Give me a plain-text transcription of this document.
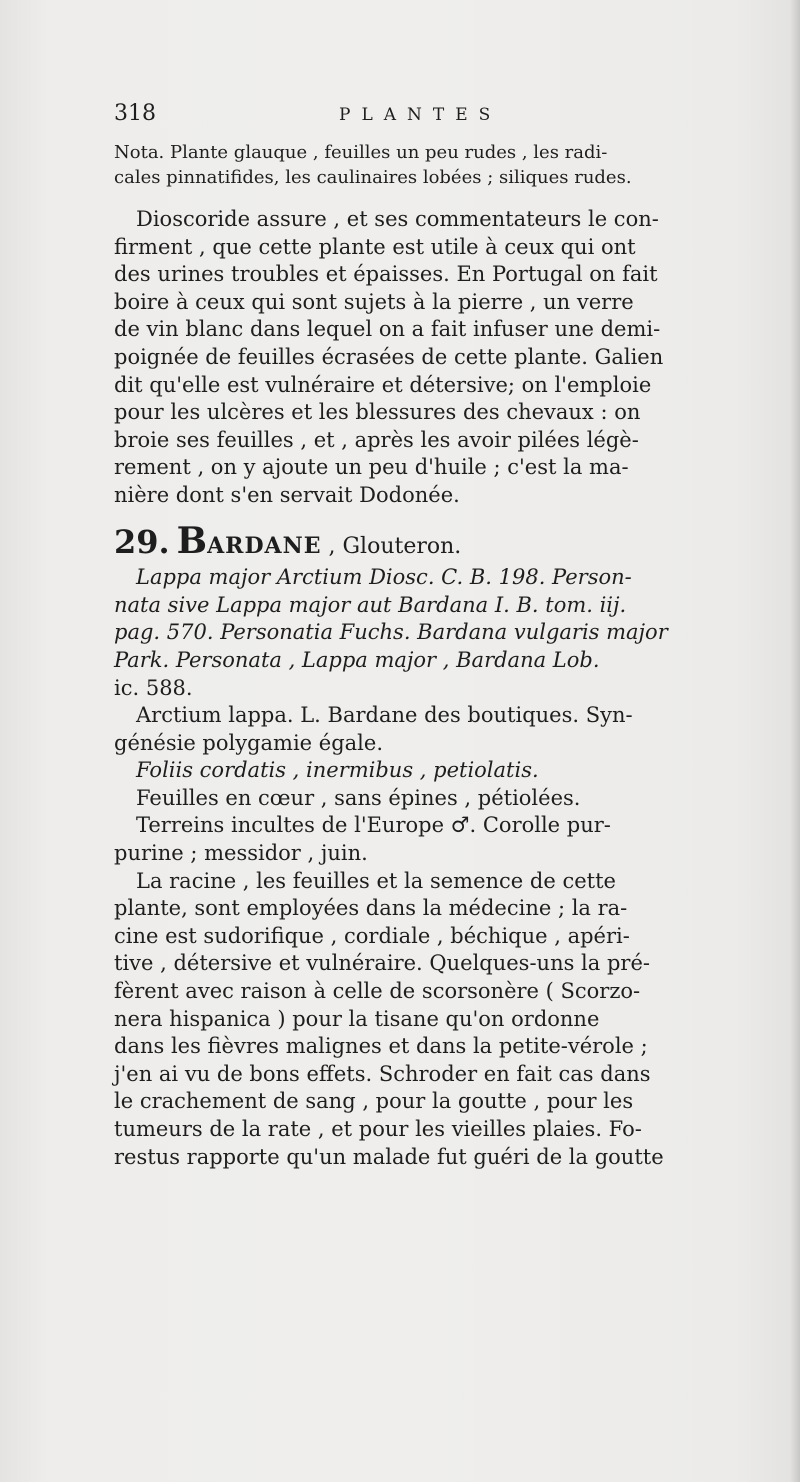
318	PLANTES
Nota. Plante glauque , feuilles un peu rudes , les radi-
cales pinnatifides, les caulinaires lobées ; siliques rudes.
Dioscoride assure , et ses commentateurs le con-
firment , que cette plante est utile à ceux qui ont
des urines troubles et épaisses. En Portugal on fait
boire à ceux qui sont sujets à la pierre , un verre
de vin blanc dans lequel on a fait infuser une demi-
poignée de feuilles écrasées de cette plante. Galien
dit qu'elle est vulnéraire et détersive; on l'emploie
pour les ulcères et les blessures des chevaux : on
broie ses feuilles , et , après les avoir pilées légè-
rement , on y ajoute un peu d'huile ; c'est la ma-
nière dont s'en servait Dodonée.
29. BARDANE , Glouteron.
Lappa major Arctium Diosc. C. B. 198. Person-
nata sive Lappa major aut Bardana I. B. tom. iij.
pag. 570. Personatia Fuchs. Bardana vulgaris major
Park. Personata , Lappa major , Bardana Lob.
ic. 588.
Arctium lappa. L. Bardane des boutiques. Syn-
génésie polygamie égale.
Foliis cordatis , inermibus , petiolatis.
Feuilles en cœur , sans épines , pétiolées.
Terreins incultes de l'Europe ♂. Corolle pur-
purine ; messidor , juin.
La racine , les feuilles et la semence de cette
plante, sont employées dans la médecine ; la ra-
cine est sudorifique , cordiale , béchique , apéri-
tive , détersive et vulnéraire. Quelques-uns la pré-
fèrent avec raison à celle de scorsonère ( Scorzo-
nera hispanica ) pour la tisane qu'on ordonne
dans les fièvres malignes et dans la petite-vérole ;
j'en ai vu de bons effets. Schroder en fait cas dans
le crachement de sang , pour la goutte , pour les
tumeurs de la rate , et pour les vieilles plaies. Fo-
restus rapporte qu'un malade fut guéri de la goutte
